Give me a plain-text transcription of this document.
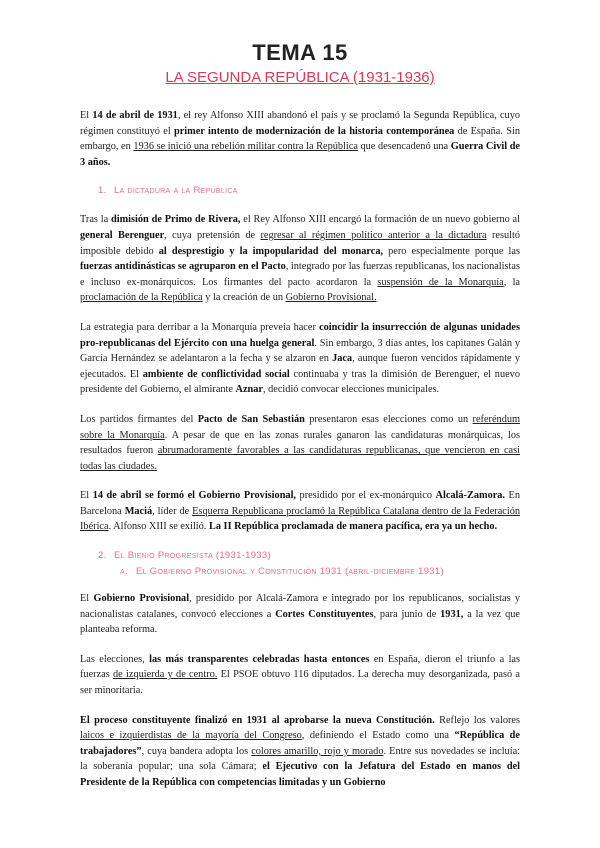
TEMA 15
LA SEGUNDA REPÚBLICA (1931-1936)

El 14 de abril de 1931, el rey Alfonso XIII abandonó el país y se proclamó la Segunda República, cuyo régimen constituyó el primer intento de modernización de la historia contemporánea de España. Sin embargo, en 1936 se inició una rebelión militar contra la República que desencadenó una Guerra Civil de 3 años.

1. La dictadura a la República

Tras la dimisión de Primo de Rivera, el Rey Alfonso XIII encargó la formación de un nuevo gobierno al general Berenguer, cuya pretensión de regresar al régimen político anterior a la dictadura resultó imposible debido al desprestigio y la impopularidad del monarca, pero especialmente porque las fuerzas antidinásticas se agruparon en el Pacto, integrado por las fuerzas republicanas, los nacionalistas e incluso ex-monárquicos. Los firmantes del pacto acordaron la suspensión de la Monarquía, la proclamación de la República y la creación de un Gobierno Provisional.

La estrategia para derribar a la Monarquía preveía hacer coincidir la insurrección de algunas unidades pro-republicanas del Ejército con una huelga general. Sin embargo, 3 días antes, los capitanes Galán y García Hernández se adelantaron a la fecha y se alzaron en Jaca, aunque fueron vencidos rápidamente y ejecutados. El ambiente de conflictividad social continuaba y tras la dimisión de Berenguer, el nuevo presidente del Gobierno, el almirante Aznar, decidió convocar elecciones municipales.

Los partidos firmantes del Pacto de San Sebastián presentaron esas elecciones como un referéndum sobre la Monarquía. A pesar de que en las zonas rurales ganaron las candidaturas monárquicas, los resultados fueron abrumadoramente favorables a las candidaturas republicanas, que vencieron en casi todas las ciudades.

El 14 de abril se formó el Gobierno Provisional, presidido por el ex-monárquico Alcalá-Zamora. En Barcelona Maciá, líder de Esquerra Republicana proclamó la República Catalana dentro de la Federación Ibérica. Alfonso XIII se exilió. La II República proclamada de manera pacífica, era ya un hecho.

2. El Bienio Progresista (1931-1933)
a. El Gobierno Provisional y Constitución 1931 (abril-diciembre 1931)

El Gobierno Provisional, presidido por Alcalá-Zamora e integrado por los republicanos, socialistas y nacionalistas catalanes, convocó elecciones a Cortes Constituyentes, para junio de 1931, a la vez que planteaba reforma.

Las elecciones, las más transparentes celebradas hasta entonces en España, dieron el triunfo a las fuerzas de izquierda y de centro. El PSOE obtuvo 116 diputados. La derecha muy desorganizada, pasó a ser minoritaria.

El proceso constituyente finalizó en 1931 al aprobarse la nueva Constitución. Reflejo los valores laicos e izquierdistas de la mayoría del Congreso, definiendo el Estado como una “República de trabajadores”, cuya bandera adopta los colores amarillo, rojo y morado. Entre sus novedades se incluía: la soberanía popular; una sola Cámara; el Ejecutivo con la Jefatura del Estado en manos del Presidente de la República con competencias limitadas y un Gobierno
